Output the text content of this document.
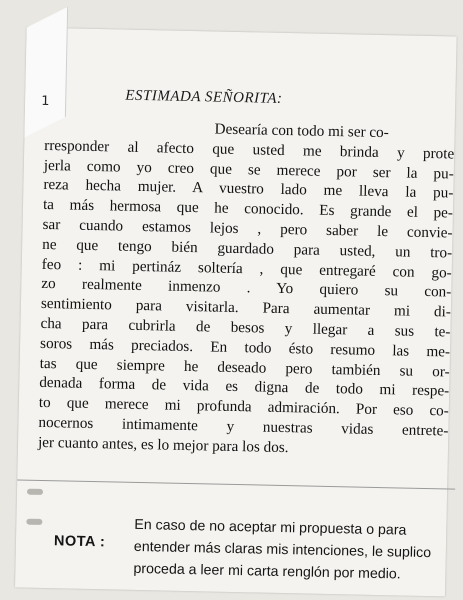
1	ESTIMADA SEÑORITA:
Desearía con todo mi ser co-
rresponder al afecto que usted me brinda y prote
jerla como yo creo que se merece por ser la pu-
reza hecha mujer. A vuestro lado me lleva la pu-
ta más hermosa que he conocido. Es grande el pe-
sar cuando estamos lejos , pero saber le convie-
ne que tengo bién guardado para usted, un tro-
feo : mi pertináz soltería , que entregaré con go-
zo realmente inmenzo . Yo quiero su con-
sentimiento para visitarla. Para aumentar mi di-
cha para cubrirla de besos y llegar a sus te-
soros más preciados. En todo ésto resumo las me-
tas que siempre he deseado pero también su or-
denada forma de vida es digna de todo mi respe-
to que merece mi profunda admiración. Por eso co-
nocernos intimamente y nuestras vidas entrete-
jer cuanto antes, es lo mejor para los dos.
NOTA :
En caso de no aceptar mi propuesta o para
entender más claras mis intenciones, le suplico
proceda a leer mi carta renglón por medio.
